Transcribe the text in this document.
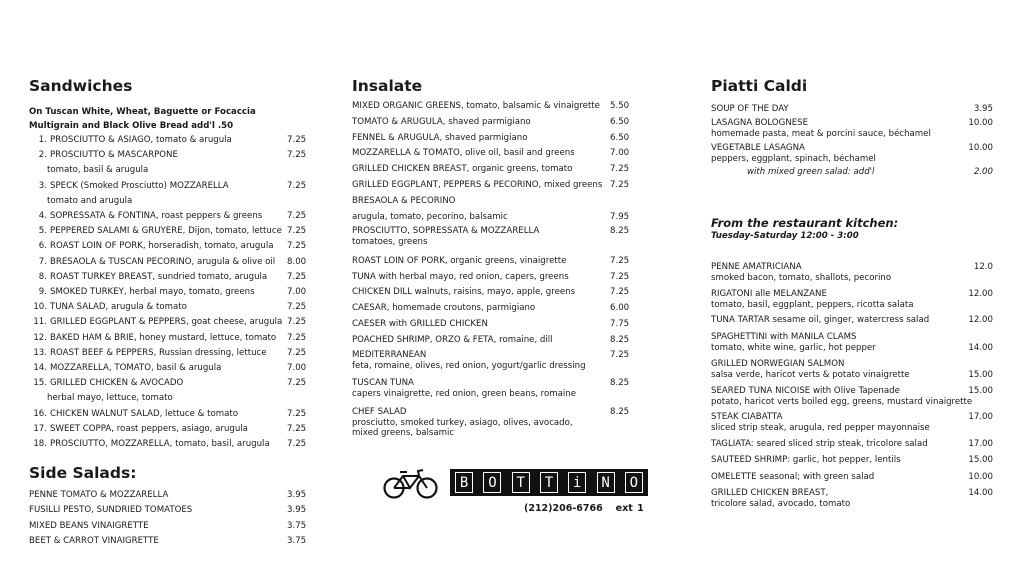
Sandwiches
On Tuscan White, Wheat, Baguette or Focaccia
Multigrain and Black Olive Bread add'l .50
1. PROSCIUTTO & ASIAGO, tomato & arugula	7.25
2. PROSCIUTTO & MASCARPONE	7.25
tomato, basil & arugula
3. SPECK (Smoked Prosciutto) MOZZARELLA	7.25
tomato and arugula
4. SOPRESSATA & FONTINA, roast peppers & greens	7.25
5. PEPPERED SALAMI & GRUYERE, Dijon, tomato, lettuce 7.25
6. ROAST LOIN OF PORK, horseradish, tomato, arugula	7.25
7. BRESAOLA & TUSCAN PECORINO, arugula & olive oil	8.00
8. ROAST TURKEY BREAST, sundried tomato, arugula	7.25
9. SMOKED TURKEY, herbal mayo, tomato, greens	7.00
10. TUNA SALAD, arugula & tomato	7.25
11. GRILLED EGGPLANT & PEPPERS, goat cheese, arugula 7.25
12. BAKED HAM & BRIE, honey mustard, lettuce, tomato	7.25
13. ROAST BEEF & PEPPERS, Russian dressing, lettuce	7.25
14. MOZZARELLA, TOMATO, basil & arugula	7.00
15. GRILLED CHICKEN & AVOCADO	7.25
herbal mayo, lettuce, tomato
16. CHICKEN WALNUT SALAD, lettuce & tomato	7.25
17. SWEET COPPA, roast peppers, asiago, arugula	7.25
18. PROSCIUTTO, MOZZARELLA, tomato, basil, arugula	7.25
Side Salads:
PENNE TOMATO & MOZZARELLA	3.95
FUSILLI PESTO, SUNDRIED TOMATOES	3.95
MIXED BEANS VINAIGRETTE	3.75
BEET & CARROT VINAIGRETTE	3.75
Insalate
MIXED ORGANIC GREENS, tomato, balsamic & vinaigrette 5.50
TOMATO & ARUGULA, shaved parmigiano	6.50
FENNEL & ARUGULA, shaved parmigiano	6.50
MOZZARELLA & TOMATO, olive oil, basil and greens	7.00
GRILLED CHICKEN BREAST, organic greens, tomato	7.25
GRILLED EGGPLANT, PEPPERS & PECORINO, mixed greens 7.25
BRESAOLA & PECORINO
arugula, tomato, pecorino, balsamic	7.95
PROSCIUTTO, SOPRESSATA & MOZZARELLA	8.25
tomatoes, greens
ROAST LOIN OF PORK, organic greens, vinaigrette	7.25
TUNA with herbal mayo, red onion, capers, greens	7.25
CHICKEN DILL walnuts, raisins, mayo, apple, greens	7.25
CAESAR, homemade croutons, parmigiano	6.00
CAESER with GRILLED CHICKEN	7.75
POACHED SHRIMP, ORZO & FETA, romaine, dill	8.25
MEDITERRANEAN	7.25
feta, romaine, olives, red onion, yogurt/garlic dressing
TUSCAN TUNA	8.25
capers vinaigrette, red onion, green beans, romaine
CHEF SALAD	8.25
prosciutto, smoked turkey, asiago, olives, avocado,
mixed greens, balsamic
B	O	T	T	i	N	O
(212)206-6766 ext 1
Piatti Caldi
SOUP OF THE DAY	3.95
LASAGNA BOLOGNESE	10.00
homemade pasta, meat & porcini sauce, béchamel
VEGETABLE LASAGNA	10.00
peppers, eggplant, spinach, béchamel
with mixed green salad: add'l	2.00
From the restaurant kitchen:
Tuesday-Saturday 12:00 - 3:00
PENNE AMATRICIANA	12.0
smoked bacon, tomato, shallots, pecorino
RIGATONI alle MELANZANE	12.00
tomato, basil, eggplant, peppers, ricotta salata
TUNA TARTAR sesame oil, ginger, watercress salad	12.00
SPAGHETTINI with MANILA CLAMS
tomato, white wine, garlic, hot pepper	14.00
GRILLED NORWEGIAN SALMON
salsa verde, haricot verts & potato vinaigrette	15.00
SEARED TUNA NICOISE with Olive Tapenade	15.00
potato, haricot verts boiled egg, greens, mustard vinaigrette
STEAK CIABATTA	17.00
sliced strip steak, arugula, red pepper mayonnaise
TAGLIATA: seared sliced strip steak, tricolore salad	17.00
SAUTEED SHRIMP: garlic, hot pepper, lentils	15.00
OMELETTE seasonal; with green salad	10.00
GRILLED CHICKEN BREAST,	14.00
tricolore salad, avocado, tomato
